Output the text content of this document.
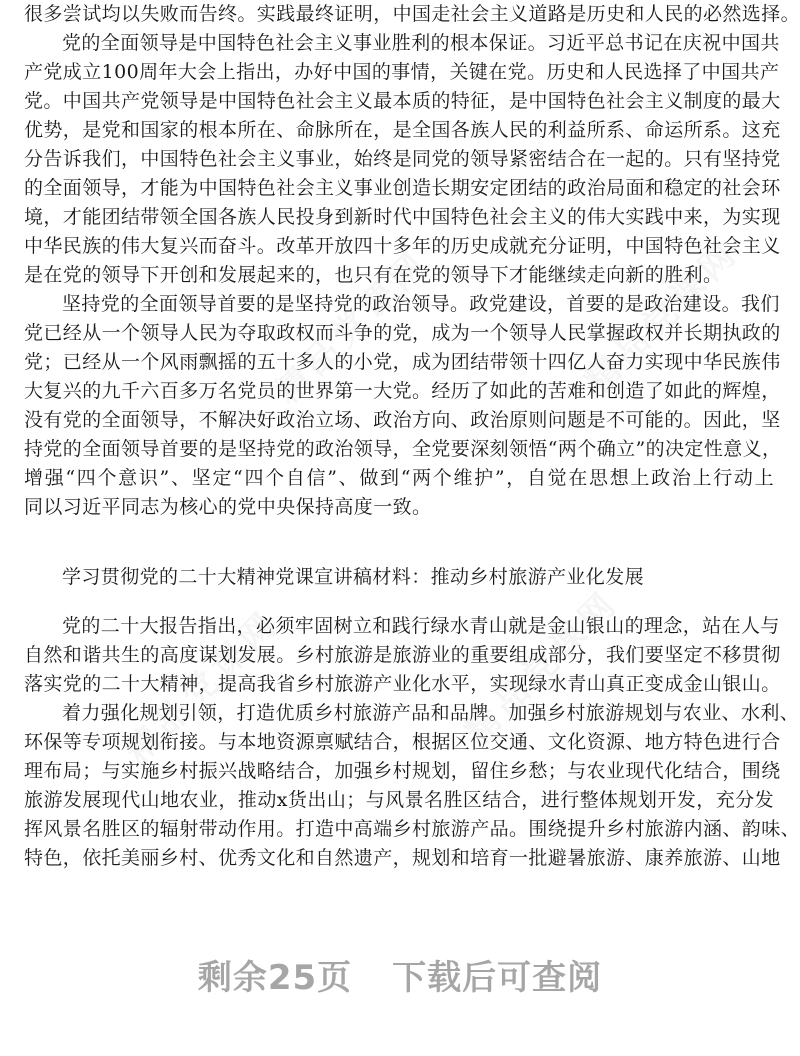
精品党课网	精品党课网
精品党课网	精品党课网
很多尝试均以失败而告终。实践最终证明，中国走社会主义道路是历史和人民的必然选择。
党的全面领导是中国特色社会主义事业胜利的根本保证。习近平总书记在庆祝中国共
产党成立100周年大会上指出，办好中国的事情，关键在党。历史和人民选择了中国共产
党。中国共产党领导是中国特色社会主义最本质的特征，是中国特色社会主义制度的最大
优势，是党和国家的根本所在、命脉所在，是全国各族人民的利益所系、命运所系。这充
分告诉我们，中国特色社会主义事业，始终是同党的领导紧密结合在一起的。只有坚持党
的全面领导，才能为中国特色社会主义事业创造长期安定团结的政治局面和稳定的社会环
境，才能团结带领全国各族人民投身到新时代中国特色社会主义的伟大实践中来，为实现
中华民族的伟大复兴而奋斗。改革开放四十多年的历史成就充分证明，中国特色社会主义
是在党的领导下开创和发展起来的，也只有在党的领导下才能继续走向新的胜利。
坚持党的全面领导首要的是坚持党的政治领导。政党建设，首要的是政治建设。我们
党已经从一个领导人民为夺取政权而斗争的党，成为一个领导人民掌握政权并长期执政的
党；已经从一个风雨飘摇的五十多人的小党，成为团结带领十四亿人奋力实现中华民族伟
大复兴的九千六百多万名党员的世界第一大党。经历了如此的苦难和创造了如此的辉煌，
没有党的全面领导，不解决好政治立场、政治方向、政治原则问题是不可能的。因此，坚
持党的全面领导首要的是坚持党的政治领导，全党要深刻领悟“两个确立”的决定性意义，
增强“四个意识”、坚定“四个自信”、做到“两个维护”，自觉在思想上政治上行动上
同以习近平同志为核心的党中央保持高度一致。
学习贯彻党的二十大精神党课宣讲稿材料：推动乡村旅游产业化发展
党的二十大报告指出，必须牢固树立和践行绿水青山就是金山银山的理念，站在人与
自然和谐共生的高度谋划发展。乡村旅游是旅游业的重要组成部分，我们要坚定不移贯彻
落实党的二十大精神，提高我省乡村旅游产业化水平，实现绿水青山真正变成金山银山。
着力强化规划引领，打造优质乡村旅游产品和品牌。加强乡村旅游规划与农业、水利、
环保等专项规划衔接。与本地资源禀赋结合，根据区位交通、文化资源、地方特色进行合
理布局；与实施乡村振兴战略结合，加强乡村规划，留住乡愁；与农业现代化结合，围绕
旅游发展现代山地农业，推动x货出山；与风景名胜区结合，进行整体规划开发，充分发
挥风景名胜区的辐射带动作用。打造中高端乡村旅游产品。围绕提升乡村旅游内涵、韵味、
特色，依托美丽乡村、优秀文化和自然遗产，规划和培育一批避暑旅游、康养旅游、山地
剩余25页 下载后可查阅
